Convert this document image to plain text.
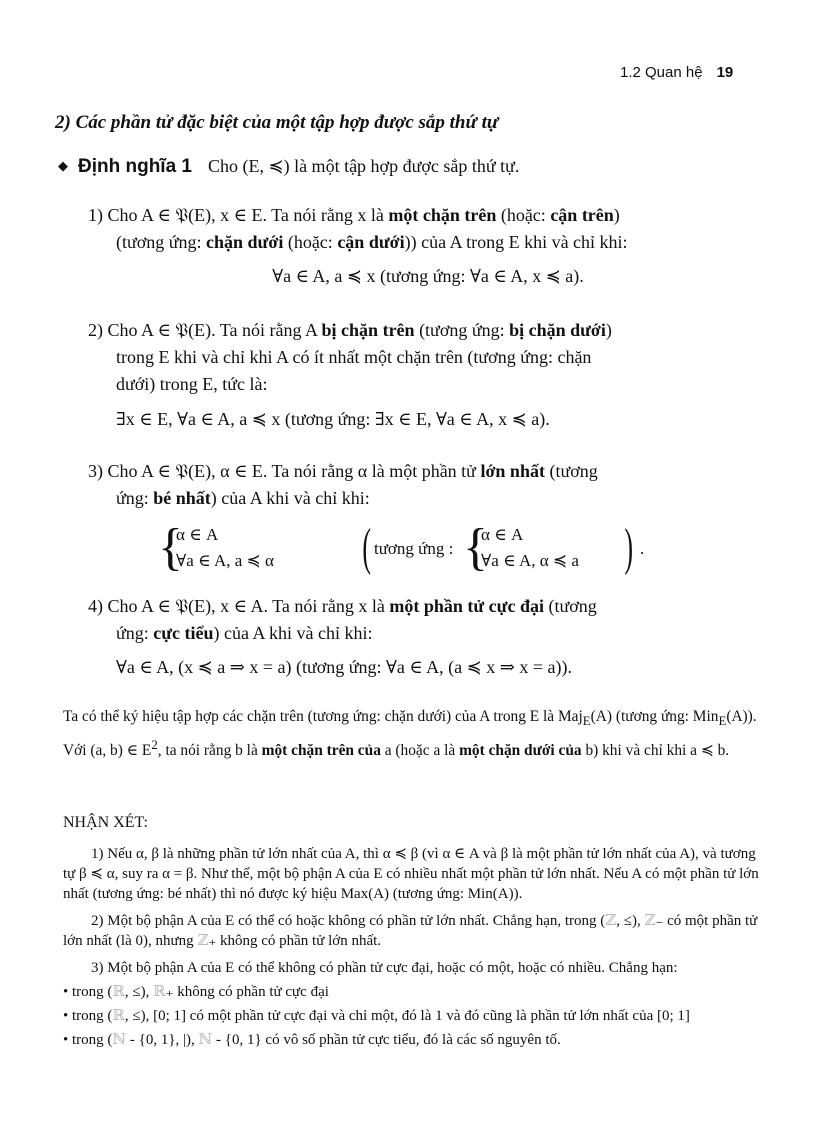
1.2 Quan hệ 19
2) Các phần tử đặc biệt của một tập hợp được sắp thứ tự
◆ Định nghĩa 1 Cho (E, ≼) là một tập hợp được sắp thứ tự.
1) Cho A ∈ 𝔓(E), x ∈ E. Ta nói rằng x là một chặn trên (hoặc: cận trên)
(tương ứng: chặn dưới (hoặc: cận dưới)) của A trong E khi và chỉ khi:
∀a ∈ A, a ≼ x (tương ứng: ∀a ∈ A, x ≼ a).
2) Cho A ∈ 𝔓(E). Ta nói rằng A bị chặn trên (tương ứng: bị chặn dưới)
trong E khi và chỉ khi A có ít nhất một chặn trên (tương ứng: chặn
dưới) trong E, tức là:
∃x ∈ E, ∀a ∈ A, a ≼ x (tương ứng: ∃x ∈ E, ∀a ∈ A, x ≼ a).
3) Cho A ∈ 𝔓(E), α ∈ E. Ta nói rằng α là một phần tử lớn nhất (tương
ứng: bé nhất) của A khi và chỉ khi:
{
α ∈ A
∀a ∈ A, a ≼ α ( tương ứng : {
α ∈ A
∀a ∈ A, α ≼ a ) .
4) Cho A ∈ 𝔓(E), x ∈ A. Ta nói rằng x là một phần tử cực đại (tương
ứng: cực tiểu) của A khi và chỉ khi:
∀a ∈ A, (x ≼ a ⇒ x = a) (tương ứng: ∀a ∈ A, (a ≼ x ⇒ x = a)).
Ta có thể ký hiệu tập hợp các chặn trên (tương ứng: chặn dưới) của A trong E là Maj$_E$(A) (tương ứng: Min$_E$(A)). Với (a, b) ∈ $E^2$, ta nói rằng b là một chặn trên của a (hoặc a là một chặn dưới của b) khi và chỉ khi a ≼ b.
NHẬN XÉT:

1) Nếu α, β là những phần tử lớn nhất của A, thì α ≼ β (vì α ∈ A và β là một phần tử lớn nhất của A), và tương tự β ≼ α, suy ra α = β. Như thế, một bộ phận A của E có nhiều nhất một phần tử lớn nhất. Nếu A có một phần tử lớn nhất (tương ứng: bé nhất) thì nó được ký hiệu Max(A) (tương ứng: Min(A)).

2) Một bộ phận A của E có thể có hoặc không có phần tử lớn nhất. Chẳng hạn, trong (ℤ, ≤), ℤ₋ có một phần tử lớn nhất (là 0), nhưng ℤ₊ không có phần tử lớn nhất.

3) Một bộ phận A của E có thể không có phần tử cực đại, hoặc có một, hoặc có nhiều. Chẳng hạn:

• trong (ℝ, ≤), ℝ₊ không có phần tử cực đại

• trong (ℝ, ≤), [0; 1] có một phần tử cực đại và chỉ một, đó là 1 và đó cũng là phần tử lớn nhất của [0; 1]

• trong (ℕ - {0, 1}, |), ℕ - {0, 1} có vô số phần tử cực tiểu, đó là các số nguyên tố.
